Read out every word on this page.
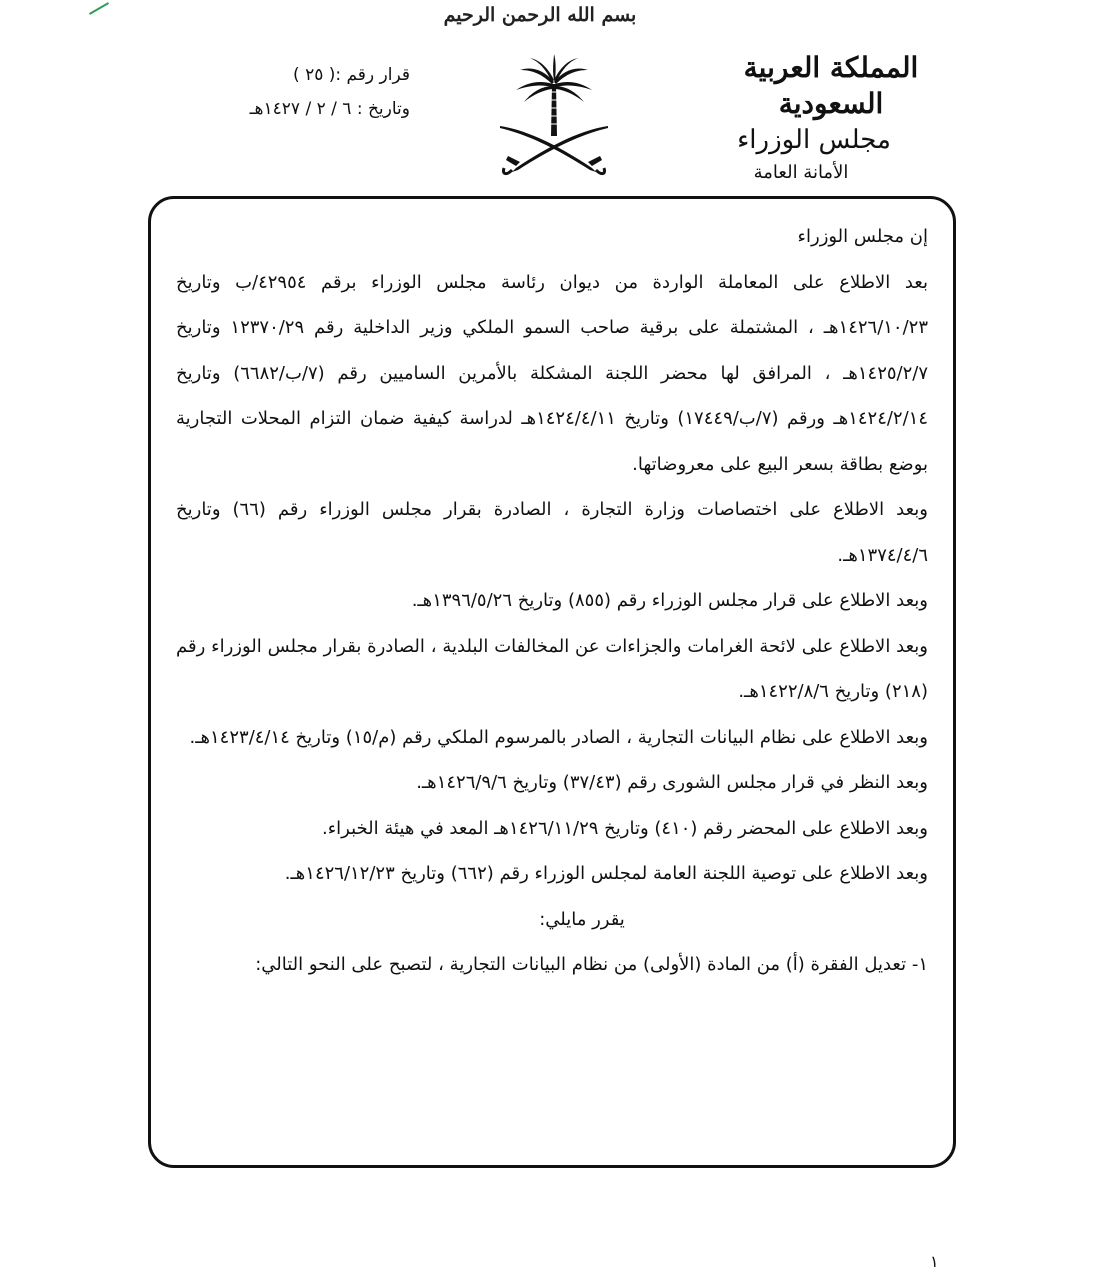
بسم الله الرحمن الرحيم
المملكة العربية السعودية
مجلس الوزراء
الأمانة العامة
قرار رقم :( ٢٥ )
وتاريخ : ٦ / ٢ / ١٤٢٧هـ

إن مجلس الوزراء

بعد الاطلاع على المعاملة الواردة من ديوان رئاسة مجلس الوزراء برقم ٤٢٩٥٤/ب وتاريخ ١٤٢٦/١٠/٢٣هـ ، المشتملة على برقية صاحب السمو الملكي وزير الداخلية رقم ١٢٣٧٠/٢٩ وتاريخ ١٤٢٥/٢/٧هـ ، المرافق لها محضر اللجنة المشكلة بالأمرين الساميين رقم (٧/ب/٦٦٨٢) وتاريخ ١٤٢٤/٢/١٤هـ ورقم (٧/ب/١٧٤٤٩) وتاريخ ١٤٢٤/٤/١١هـ لدراسة كيفية ضمان التزام المحلات التجارية بوضع بطاقة بسعر البيع على معروضاتها.

وبعد الاطلاع على اختصاصات وزارة التجارة ، الصادرة بقرار مجلس الوزراء رقم (٦٦) وتاريخ ١٣٧٤/٤/٦هـ.

وبعد الاطلاع على قرار مجلس الوزراء رقم (٨٥٥) وتاريخ ١٣٩٦/٥/٢٦هـ.

وبعد الاطلاع على لائحة الغرامات والجزاءات عن المخالفات البلدية ، الصادرة بقرار مجلس الوزراء رقم (٢١٨) وتاريخ ١٤٢٢/٨/٦هـ.

وبعد الاطلاع على نظام البيانات التجارية ، الصادر بالمرسوم الملكي رقم (م/١٥) وتاريخ ١٤٢٣/٤/١٤هـ.

وبعد النظر في قرار مجلس الشورى رقم (٣٧/٤٣) وتاريخ ١٤٢٦/٩/٦هـ.

وبعد الاطلاع على المحضر رقم (٤١٠) وتاريخ ١٤٢٦/١١/٢٩هـ المعد في هيئة الخبراء.

وبعد الاطلاع على توصية اللجنة العامة لمجلس الوزراء رقم (٦٦٢) وتاريخ ١٤٢٦/١٢/٢٣هـ.

يقرر مايلي:

١- تعديل الفقرة (أ) من المادة (الأولى) من نظام البيانات التجارية ، لتصبح على النحو التالي:

١
